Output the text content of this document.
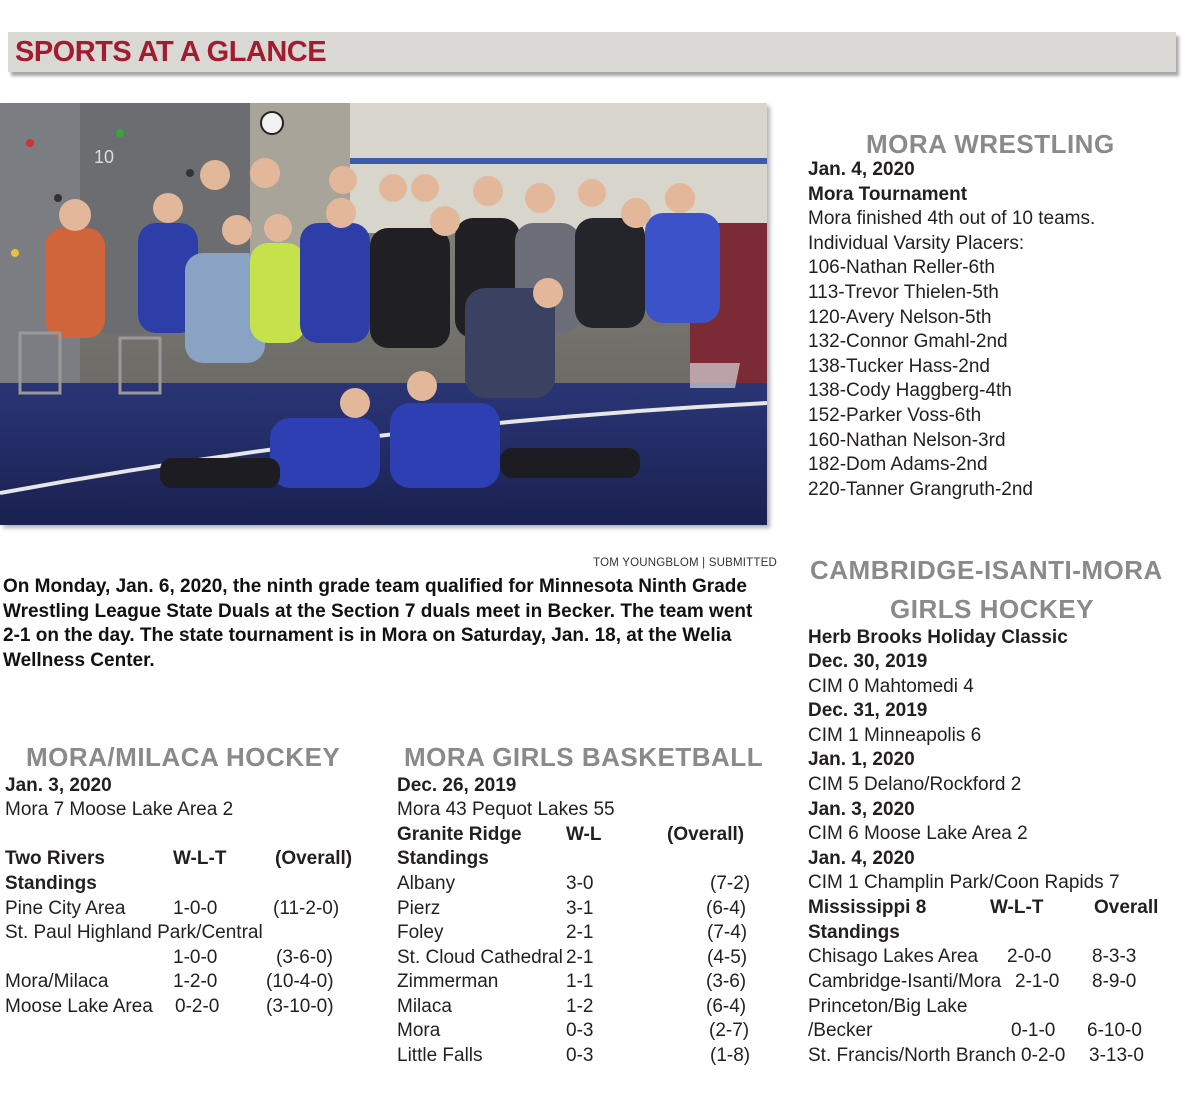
SPORTS AT A GLANCE
10
TOM YOUNGBLOM | SUBMITTED
On Monday, Jan. 6, 2020, the ninth grade team qualified for Minnesota Ninth Grade Wrestling League State Duals at the Section 7 duals meet in Becker. The team went 2-1 on the day. The state tournament is in Mora on Saturday, Jan. 18, at the Welia Wellness Center.
MORA WRESTLING
Jan. 4, 2020
Mora Tournament
Mora finished 4th out of 10 teams.
Individual Varsity Placers:
106-Nathan Reller-6th
113-Trevor Thielen-5th
120-Avery Nelson-5th
132-Connor Gmahl-2nd
138-Tucker Hass-2nd
138-Cody Haggberg-4th
152-Parker Voss-6th
160-Nathan Nelson-3rd
182-Dom Adams-2nd
220-Tanner Grangruth-2nd
CAMBRIDGE-ISANTI-MORA
GIRLS HOCKEY
Herb Brooks Holiday Classic
Dec. 30, 2019
CIM 0 Mahtomedi 4
Dec. 31, 2019
CIM 1 Minneapolis 6
Jan. 1, 2020
CIM 5 Delano/Rockford 2
Jan. 3, 2020
CIM 6 Moose Lake Area 2
Jan. 4, 2020
CIM 1 Champlin Park/Coon Rapids 7
Mississippi 8	W-L-T	Overall
Standings
Chisago Lakes Area 2-0-0 8-3-3
Cambridge-Isanti/Mora 2-1-0 8-9-0
Princeton/Big Lake
/Becker	0-1-0 6-10-0
St. Francis/North Branch 0-2-0 3-13-0
MORA/MILACA HOCKEY
Jan. 3, 2020
Mora 7 Moose Lake Area 2
Two Rivers	W-L-T	(Overall)
Standings
Pine City Area	1-0-0	(11-2-0)
St. Paul Highland Park/Central
1-0-0	(3-6-0)
Mora/Milaca	1-2-0	(10-4-0)
Moose Lake Area 0-2-0 (3-10-0)
MORA GIRLS BASKETBALL
Dec. 26, 2019
Mora 43 Pequot Lakes 55
Granite Ridge W-L	(Overall)
Standings
Albany	3-0	(7-2)
Pierz	3-1	(6-4)
Foley	2-1	(7-4)
St. Cloud Cathedral 2-1	(4-5)
Zimmerman	1-1	(3-6)
Milaca	1-2	(6-4)
Mora	0-3	(2-7)
Little Falls	0-3	(1-8)
